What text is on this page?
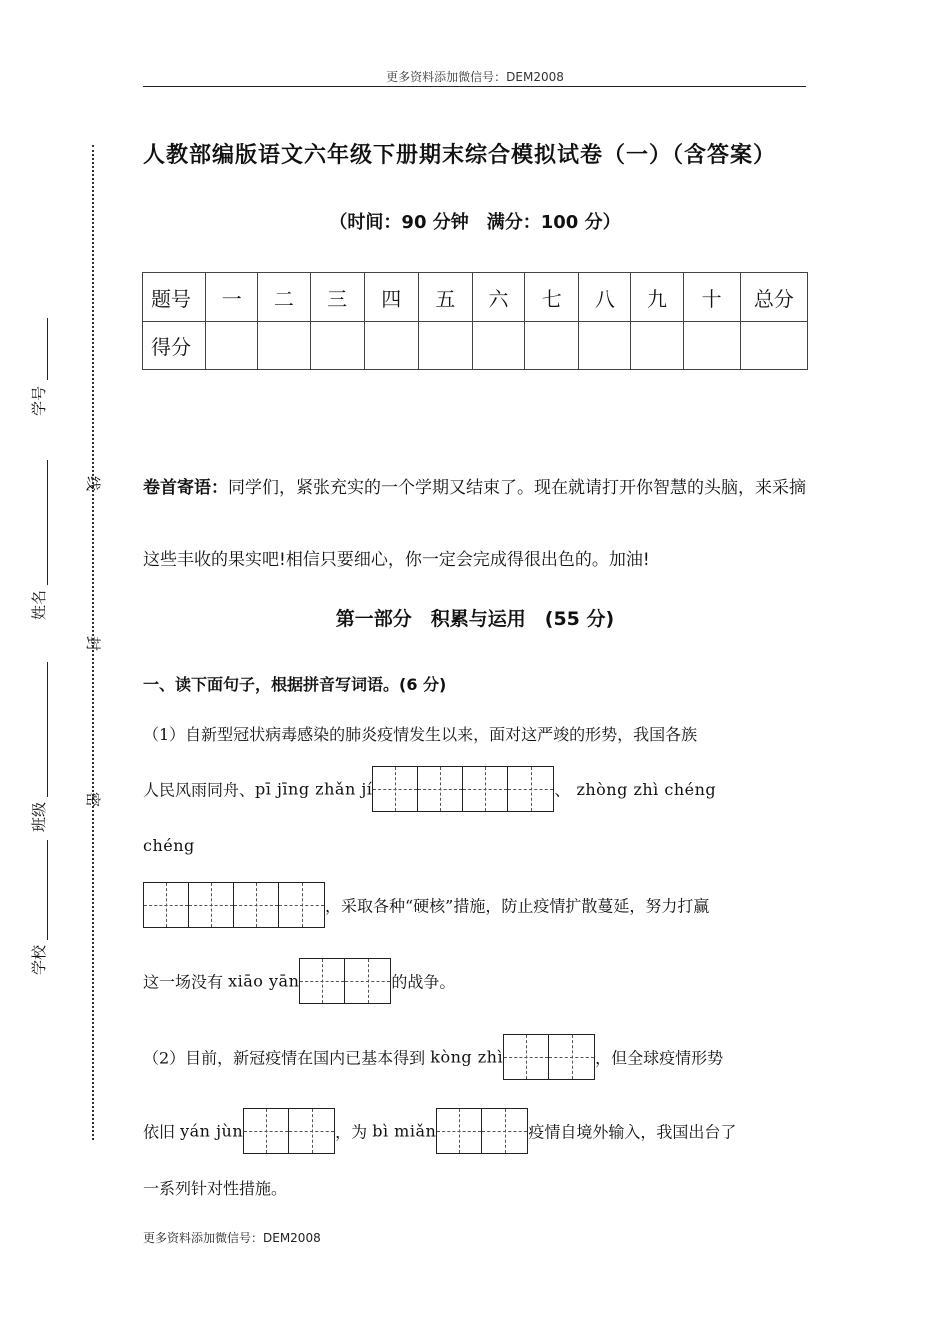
更多资料添加微信号：DEM2008
学号
姓名
班级
学校
线
封
密
人教部编版语文六年级下册期末综合模拟试卷（一）（含答案）
（时间：90 分钟　满分：100 分）
题号	一	二	三	四	五	六	七	八	九	十	总分
得分											
卷首寄语：同学们，紧张充实的一个学期又结束了。现在就请打开你智慧的头脑，来采摘这些丰收的果实吧!相信只要细心，你一定会完成得很出色的。加油!
第一部分　积累与运用　(55 分)
一、读下面句子，根据拼音写词语。(6 分)
（1）自新型冠状病毒感染的肺炎疫情发生以来，面对这严竣的形势，我国各族
人民风雨同舟、pī jīng zhǎn jí	、 zhòng zhì chéng
chéng
，采取各种“硬核”措施，防止疫情扩散蔓延，努力打赢
这一场没有 xiāo yān	的战争。
（2）目前，新冠疫情在国内已基本得到 kòng zhì	，但全球疫情形势
依旧 yán jùn	，为 bì miǎn	疫情自境外输入，我国出台了
一系列针对性措施。
更多资料添加微信号：DEM2008
